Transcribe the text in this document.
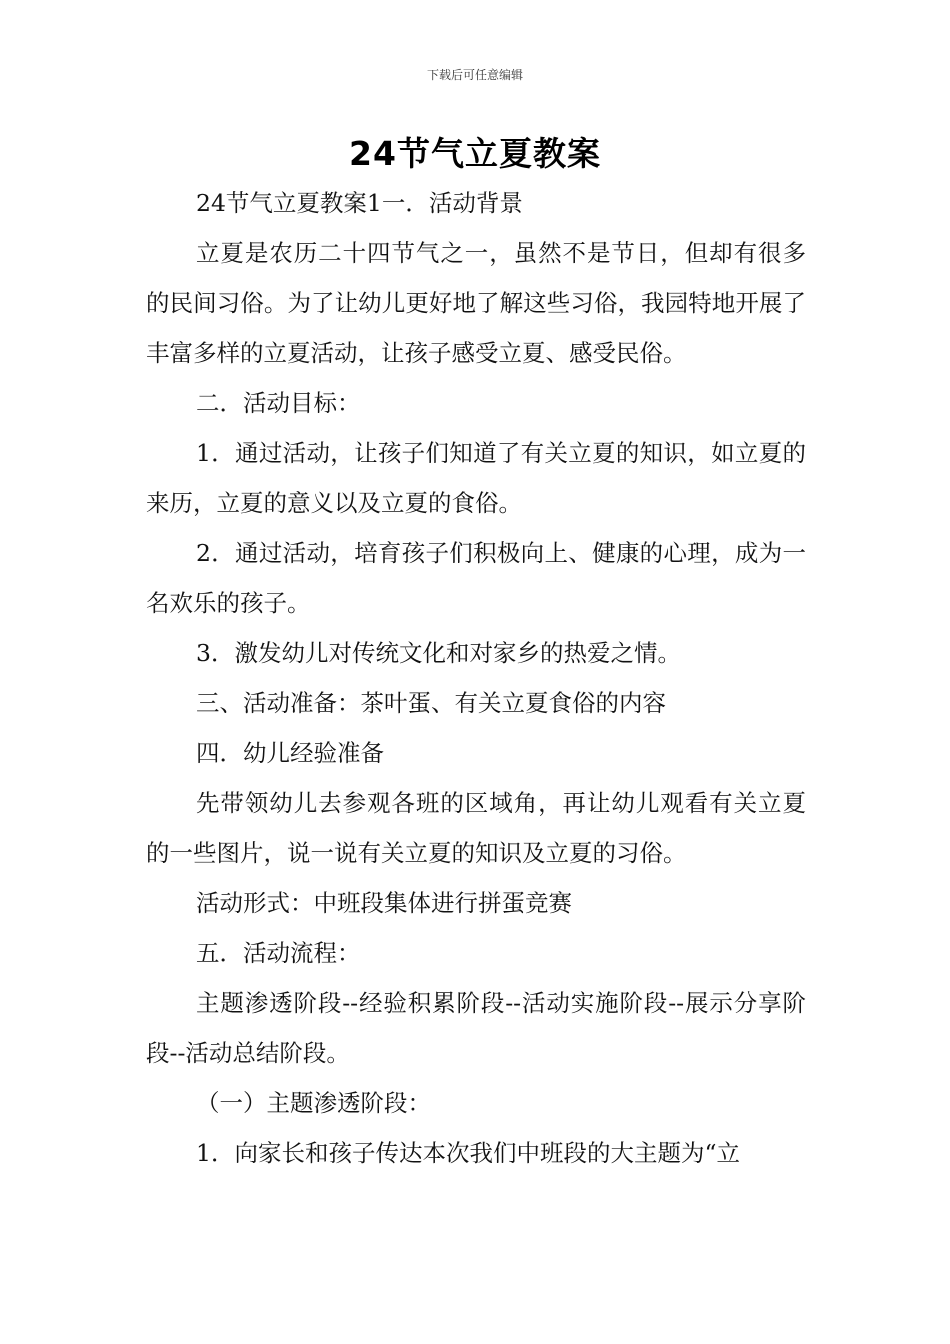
下载后可任意编辑
24节气立夏教案

24节气立夏教案1一．活动背景

立夏是农历二十四节气之一，虽然不是节日，但却有很多的民间习俗。为了让幼儿更好地了解这些习俗，我园特地开展了丰富多样的立夏活动，让孩子感受立夏、感受民俗。

二．活动目标：

1．通过活动，让孩子们知道了有关立夏的知识，如立夏的来历，立夏的意义以及立夏的食俗。

2．通过活动，培育孩子们积极向上、健康的心理，成为一名欢乐的孩子。

3．激发幼儿对传统文化和对家乡的热爱之情。

三、活动准备：茶叶蛋、有关立夏食俗的内容

四．幼儿经验准备

先带领幼儿去参观各班的区域角，再让幼儿观看有关立夏的一些图片，说一说有关立夏的知识及立夏的习俗。

活动形式：中班段集体进行拼蛋竞赛

五．活动流程：

主题渗透阶段--经验积累阶段--活动实施阶段--展示分享阶段--活动总结阶段。

（一）主题渗透阶段：

1．向家长和孩子传达本次我们中班段的大主题为“立
